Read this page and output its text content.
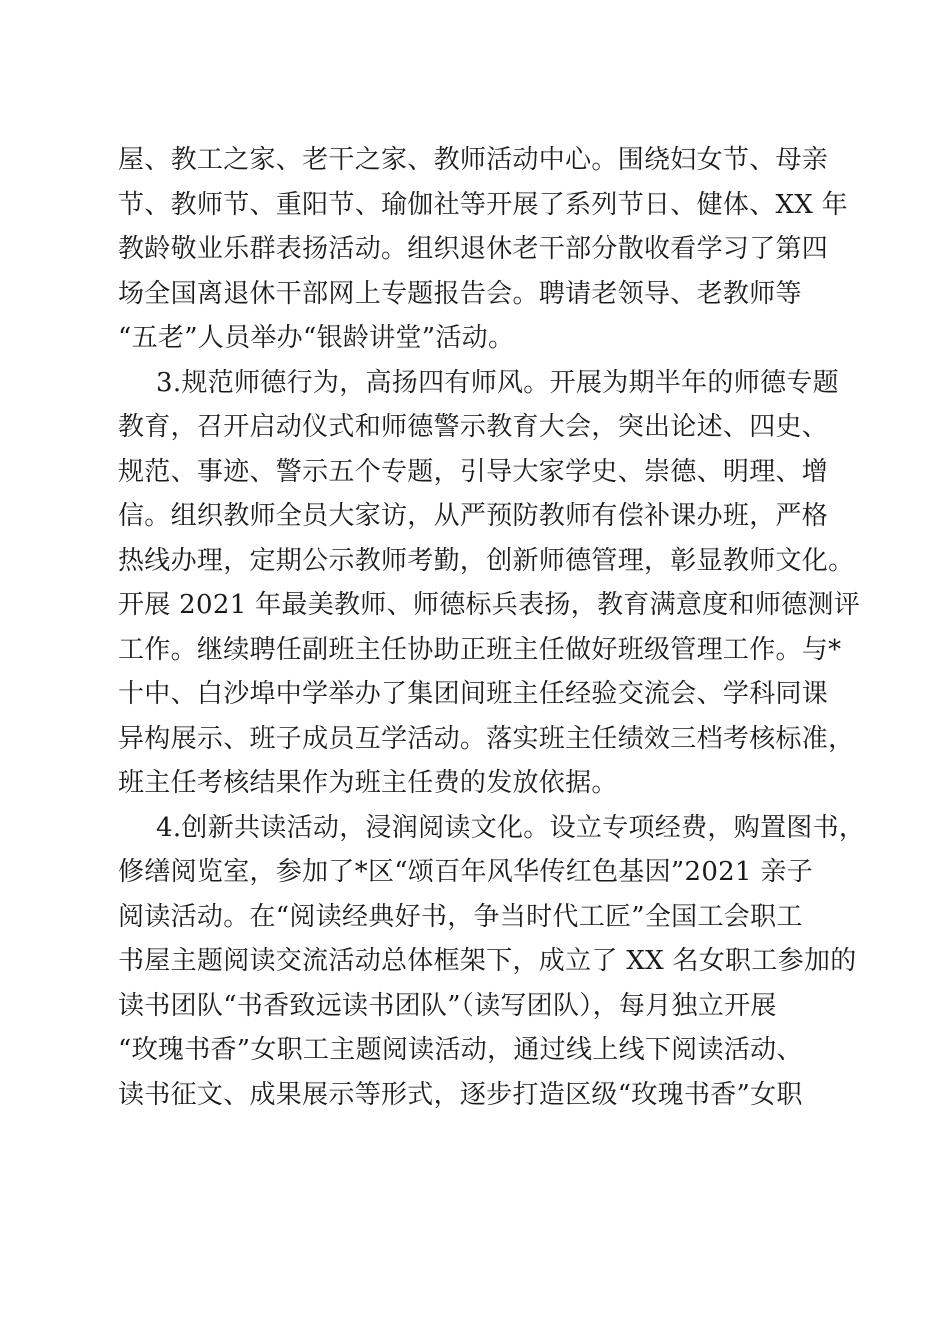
屋、教工之家、老干之家、教师活动中心。围绕妇女节、母亲
节、教师节、重阳节、瑜伽社等开展了系列节日、健体、XX 年
教龄敬业乐群表扬活动。组织退休老干部分散收看学习了第四
场全国离退休干部网上专题报告会。聘请老领导、老教师等
“五老”人员举办“银龄讲堂”活动。
3.规范师德行为，高扬四有师风。开展为期半年的师德专题
教育，召开启动仪式和师德警示教育大会，突出论述、四史、
规范、事迹、警示五个专题，引导大家学史、崇德、明理、增
信。组织教师全员大家访，从严预防教师有偿补课办班，严格
热线办理，定期公示教师考勤，创新师德管理，彰显教师文化。
开展 2021 年最美教师、师德标兵表扬，教育满意度和师德测评
工作。继续聘任副班主任协助正班主任做好班级管理工作。与*
十中、白沙埠中学举办了集团间班主任经验交流会、学科同课
异构展示、班子成员互学活动。落实班主任绩效三档考核标准，
班主任考核结果作为班主任费的发放依据。
4.创新共读活动，浸润阅读文化。设立专项经费，购置图书，
修缮阅览室，参加了*区“颂百年风华传红色基因”2021 亲子
阅读活动。在“阅读经典好书，争当时代工匠”全国工会职工
书屋主题阅读交流活动总体框架下，成立了 XX 名女职工参加的
读书团队“书香致远读书团队”（读写团队），每月独立开展
“玫瑰书香”女职工主题阅读活动，通过线上线下阅读活动、
读书征文、成果展示等形式，逐步打造区级“玫瑰书香”女职
